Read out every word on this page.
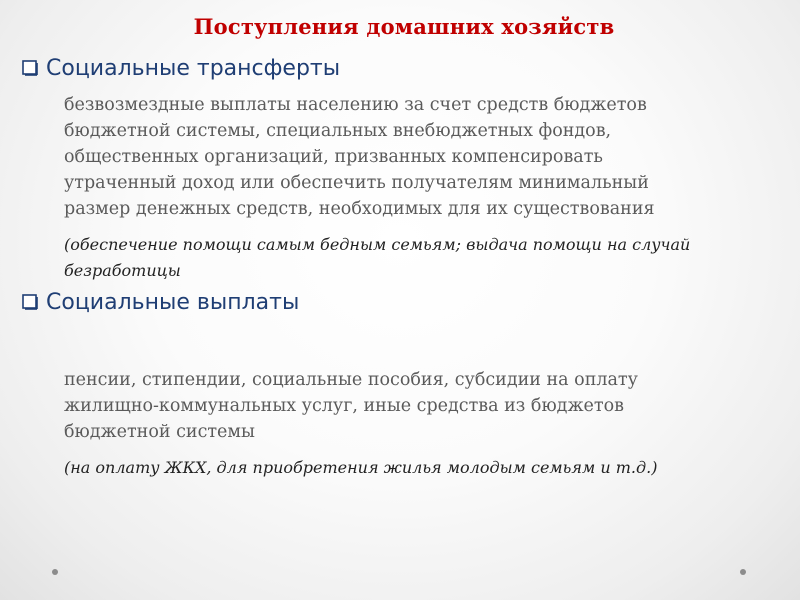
Поступления домашних хозяйств
Социальные трансферты
безвозмездные выплаты населению за счет средств бюджетов
бюджетной системы, специальных внебюджетных фондов,
общественных организаций, призванных компенсировать
утраченный доход или обеспечить получателям минимальный
размер денежных средств, необходимых для их существования
(обеспечение помощи самым бедным семьям; выдача помощи на случай
безработицы
Социальные выплаты
пенсии, стипендии, социальные пособия, субсидии на оплату
жилищно-коммунальных услуг, иные средства из бюджетов
бюджетной системы
(на оплату ЖКХ, для приобретения жилья молодым семьям и т.д.)
